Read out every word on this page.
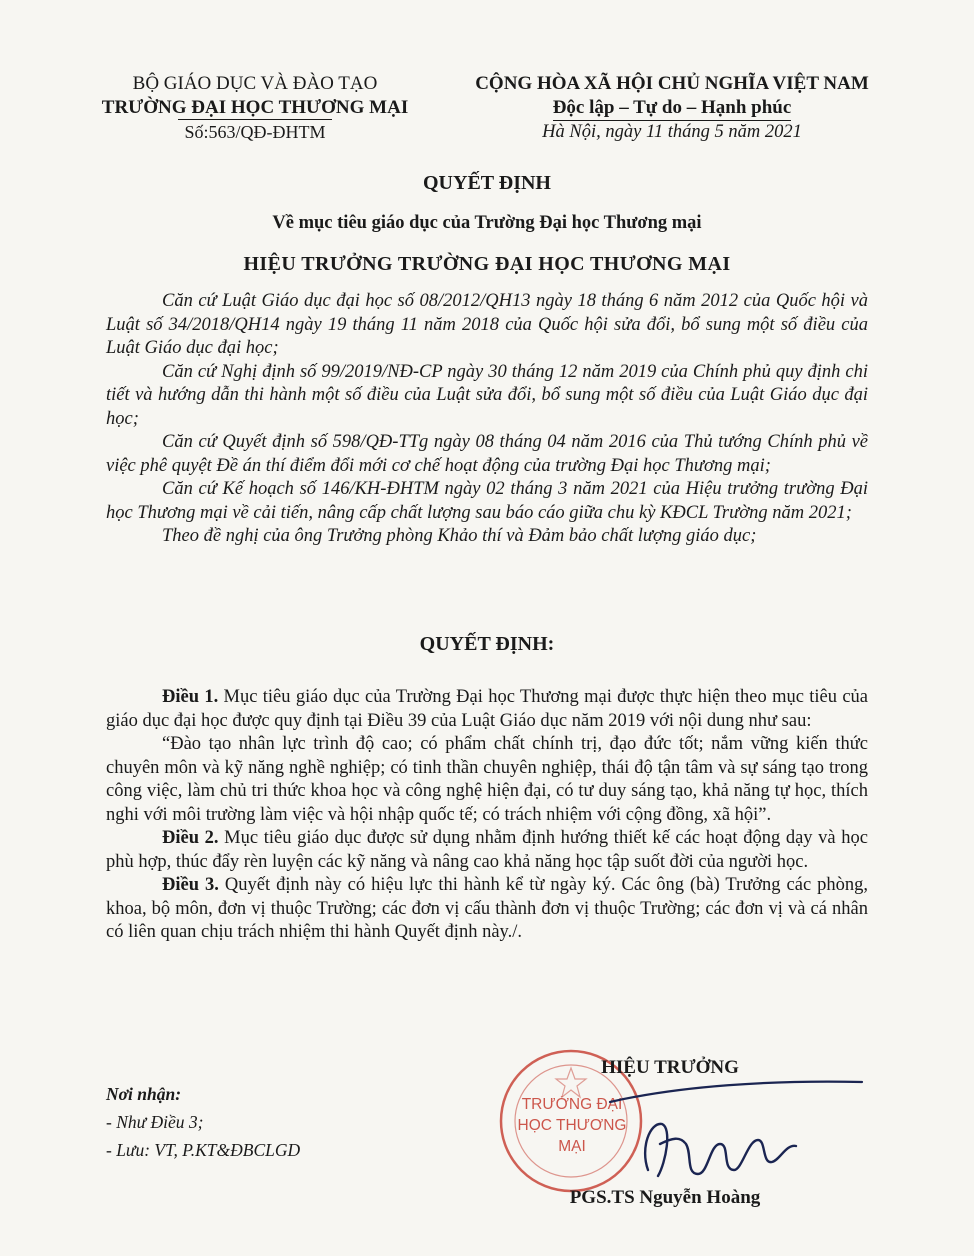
BỘ GIÁO DỤC VÀ ĐÀO TẠO
TRƯỜNG ĐẠI HỌC THƯƠNG MẠI
Số:563/QĐ-ĐHTM
CỘNG HÒA XÃ HỘI CHỦ NGHĨA VIỆT NAM
Độc lập – Tự do – Hạnh phúc
Hà Nội, ngày 11 tháng 5 năm 2021
QUYẾT ĐỊNH
Về mục tiêu giáo dục của Trường Đại học Thương mại
HIỆU TRƯỞNG TRƯỜNG ĐẠI HỌC THƯƠNG MẠI

Căn cứ Luật Giáo dục đại học số 08/2012/QH13 ngày 18 tháng 6 năm 2012 của Quốc hội và Luật số 34/2018/QH14 ngày 19 tháng 11 năm 2018 của Quốc hội sửa đổi, bổ sung một số điều của Luật Giáo dục đại học;

Căn cứ Nghị định số 99/2019/NĐ-CP ngày 30 tháng 12 năm 2019 của Chính phủ quy định chi tiết và hướng dẫn thi hành một số điều của Luật sửa đổi, bổ sung một số điều của Luật Giáo dục đại học;

Căn cứ Quyết định số 598/QĐ-TTg ngày 08 tháng 04 năm 2016 của Thủ tướng Chính phủ về việc phê quyệt Đề án thí điểm đổi mới cơ chế hoạt động của trường Đại học Thương mại;

Căn cứ Kế hoạch số 146/KH-ĐHTM ngày 02 tháng 3 năm 2021 của Hiệu trưởng trường Đại học Thương mại về cải tiến, nâng cấp chất lượng sau báo cáo giữa chu kỳ KĐCL Trường năm 2021;

Theo đề nghị của ông Trưởng phòng Khảo thí và Đảm bảo chất lượng giáo dục;

QUYẾT ĐỊNH:

Điều 1. Mục tiêu giáo dục của Trường Đại học Thương mại được thực hiện theo mục tiêu của giáo dục đại học được quy định tại Điều 39 của Luật Giáo dục năm 2019 với nội dung như sau:

“Đào tạo nhân lực trình độ cao; có phẩm chất chính trị, đạo đức tốt; nắm vững kiến thức chuyên môn và kỹ năng nghề nghiệp; có tinh thần chuyên nghiệp, thái độ tận tâm và sự sáng tạo trong công việc, làm chủ tri thức khoa học và công nghệ hiện đại, có tư duy sáng tạo, khả năng tự học, thích nghi với môi trường làm việc và hội nhập quốc tế; có trách nhiệm với cộng đồng, xã hội”.

Điều 2. Mục tiêu giáo dục được sử dụng nhằm định hướng thiết kế các hoạt động dạy và học phù hợp, thúc đẩy rèn luyện các kỹ năng và nâng cao khả năng học tập suốt đời của người học.

Điều 3. Quyết định này có hiệu lực thi hành kể từ ngày ký. Các ông (bà) Trưởng các phòng, khoa, bộ môn, đơn vị thuộc Trường; các đơn vị cấu thành đơn vị thuộc Trường; các đơn vị và cá nhân có liên quan chịu trách nhiệm thi hành Quyết định này./.

Nơi nhận:
- Như Điều 3;
- Lưu: VT, P.KT&ĐBCLGD
TRƯỜNG ĐẠI HỌC THƯƠNG MẠI
HIỆU TRƯỞNG
PGS.TS Nguyễn Hoàng
